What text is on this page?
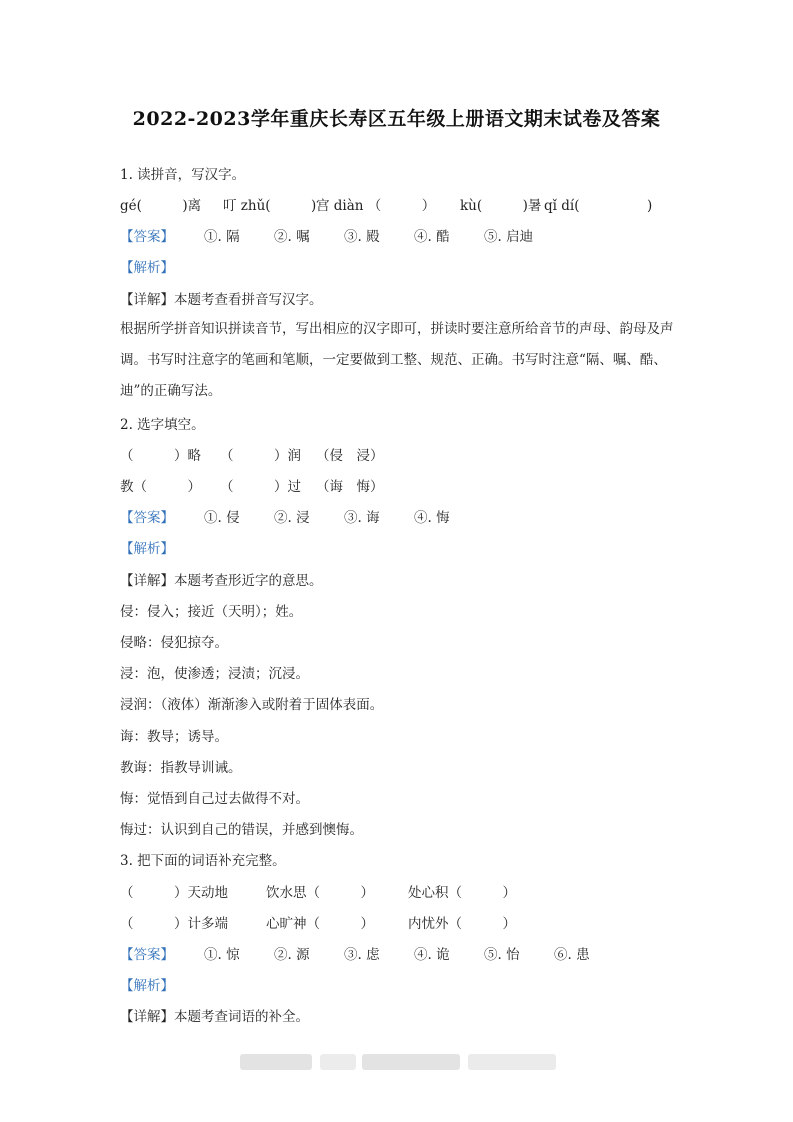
2022-2023学年重庆长寿区五年级上册语文期末试卷及答案
1. 读拼音，写汉字。
gé(　　　)离 叮 zhǔ(　　　) 宫 diàn （　　　） kù(　　　)暑 qǐ dí(　　　　　)
【答案】 ①. 隔	②. 嘱	③. 殿	④. 酷	⑤. 启迪
【解析】
【详解】本题考查看拼音写汉字。
根据所学拼音知识拼读音节，写出相应的汉字即可，拼读时要注意所给音节的声母、韵母及声调。书写时注意字的笔画和笔顺，一定要做到工整、规范、正确。书写时注意“隔、嘱、酷、迪”的正确写法。
2. 选字填空。
（　　　）略 （　　　）润 （侵　浸）
教（　　　） （　　　）过 （诲　悔）
【答案】 ①. 侵	②. 浸	③. 诲	④. 悔
【解析】
【详解】本题考查形近字的意思。
侵：侵入；接近（天明）；姓。
侵略：侵犯掠夺。
浸：泡，使渗透；浸渍；沉浸。
浸润：（液体）渐渐渗入或附着于固体表面。
诲：教导；诱导。
教诲：指教导训诫。
悔：觉悟到自己过去做得不对。
悔过：认识到自己的错误，并感到懊悔。
3. 把下面的词语补充完整。
（　　　）天动地	饮水思（　　　）	处心积（　　　）
（　　　）计多端	心旷神（　　　）	内忧外（　　　）
【答案】 ①. 惊	②. 源	③. 虑	④. 诡	⑤. 怡	⑥. 患
【解析】
【详解】本题考查词语的补全。
